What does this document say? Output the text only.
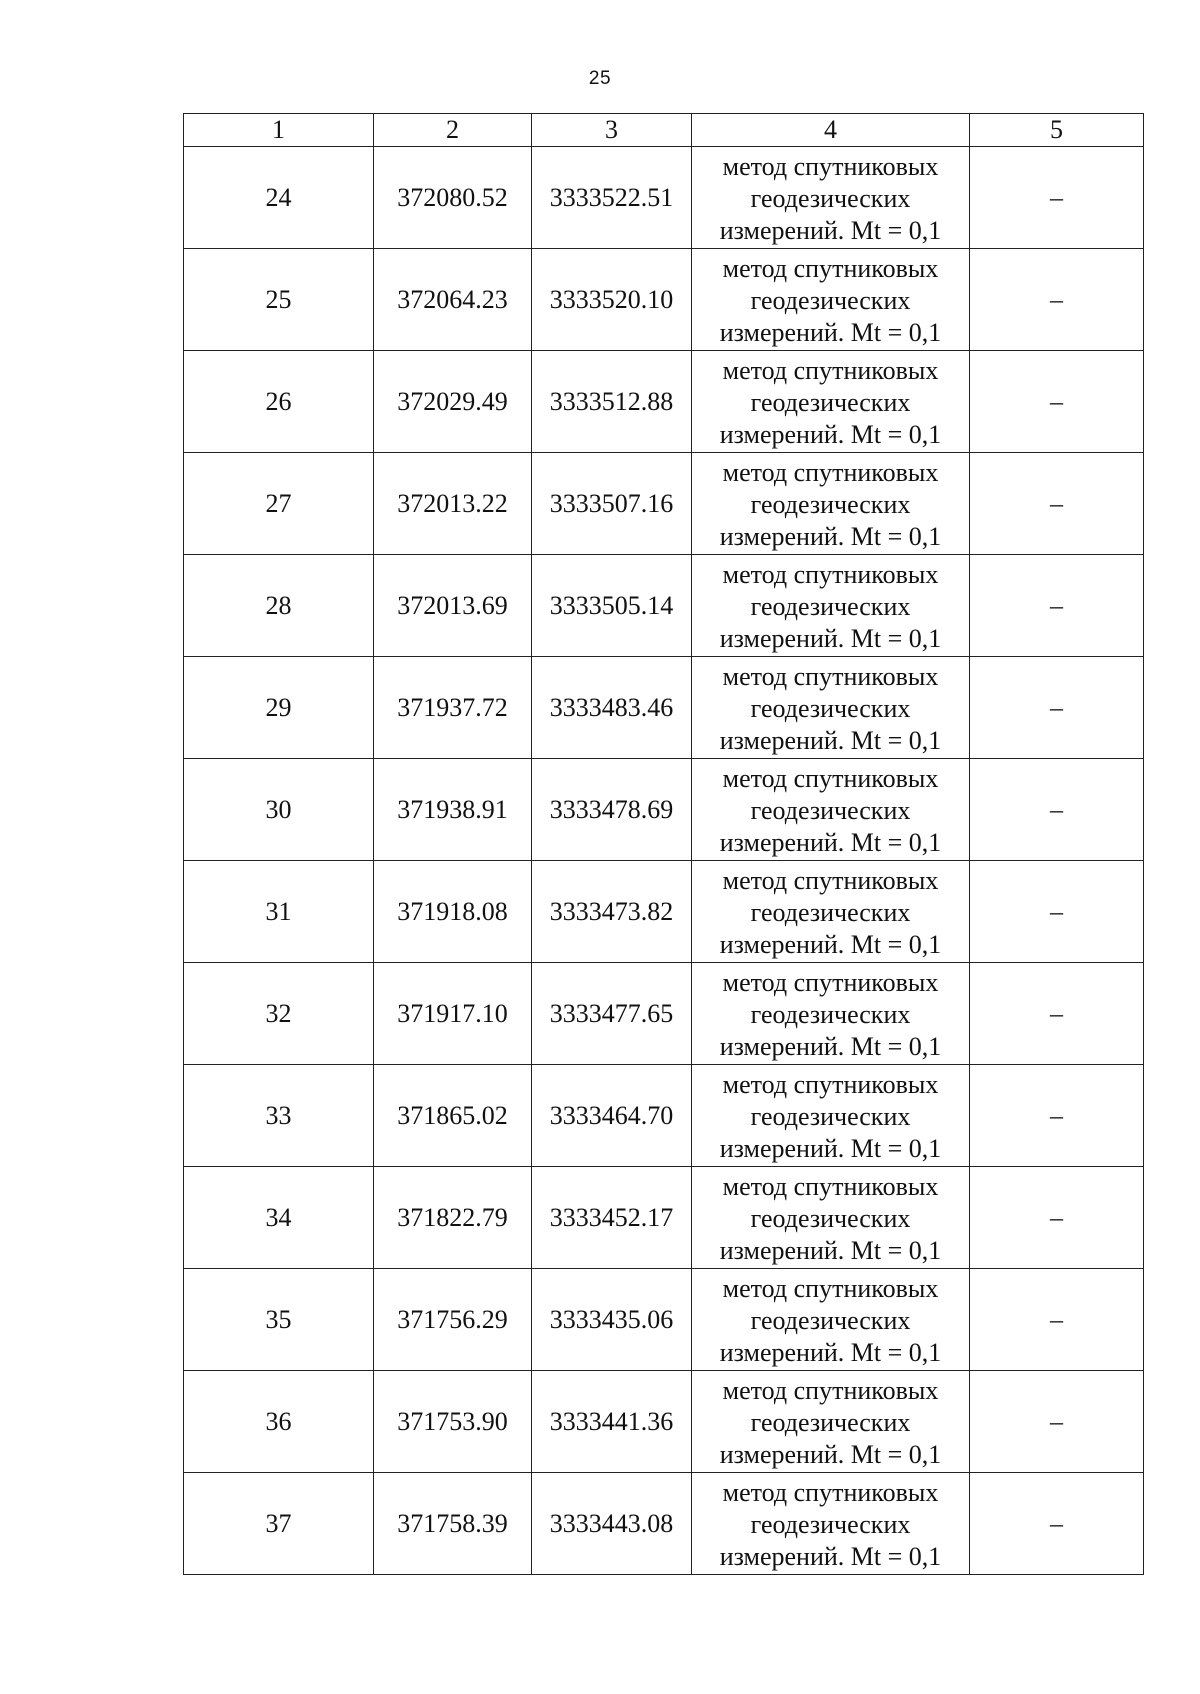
25
1	2	3	4	5
24	372080.52	3333522.51	метод спутниковых
геодезических
измерений. Mt = 0,1	–
25	372064.23	3333520.10	метод спутниковых
геодезических
измерений. Mt = 0,1	–
26	372029.49	3333512.88	метод спутниковых
геодезических
измерений. Mt = 0,1	–
27	372013.22	3333507.16	метод спутниковых
геодезических
измерений. Mt = 0,1	–
28	372013.69	3333505.14	метод спутниковых
геодезических
измерений. Mt = 0,1	–
29	371937.72	3333483.46	метод спутниковых
геодезических
измерений. Mt = 0,1	–
30	371938.91	3333478.69	метод спутниковых
геодезических
измерений. Mt = 0,1	–
31	371918.08	3333473.82	метод спутниковых
геодезических
измерений. Mt = 0,1	–
32	371917.10	3333477.65	метод спутниковых
геодезических
измерений. Mt = 0,1	–
33	371865.02	3333464.70	метод спутниковых
геодезических
измерений. Mt = 0,1	–
34	371822.79	3333452.17	метод спутниковых
геодезических
измерений. Mt = 0,1	–
35	371756.29	3333435.06	метод спутниковых
геодезических
измерений. Mt = 0,1	–
36	371753.90	3333441.36	метод спутниковых
геодезических
измерений. Mt = 0,1	–
37	371758.39	3333443.08	метод спутниковых
геодезических
измерений. Mt = 0,1	–
